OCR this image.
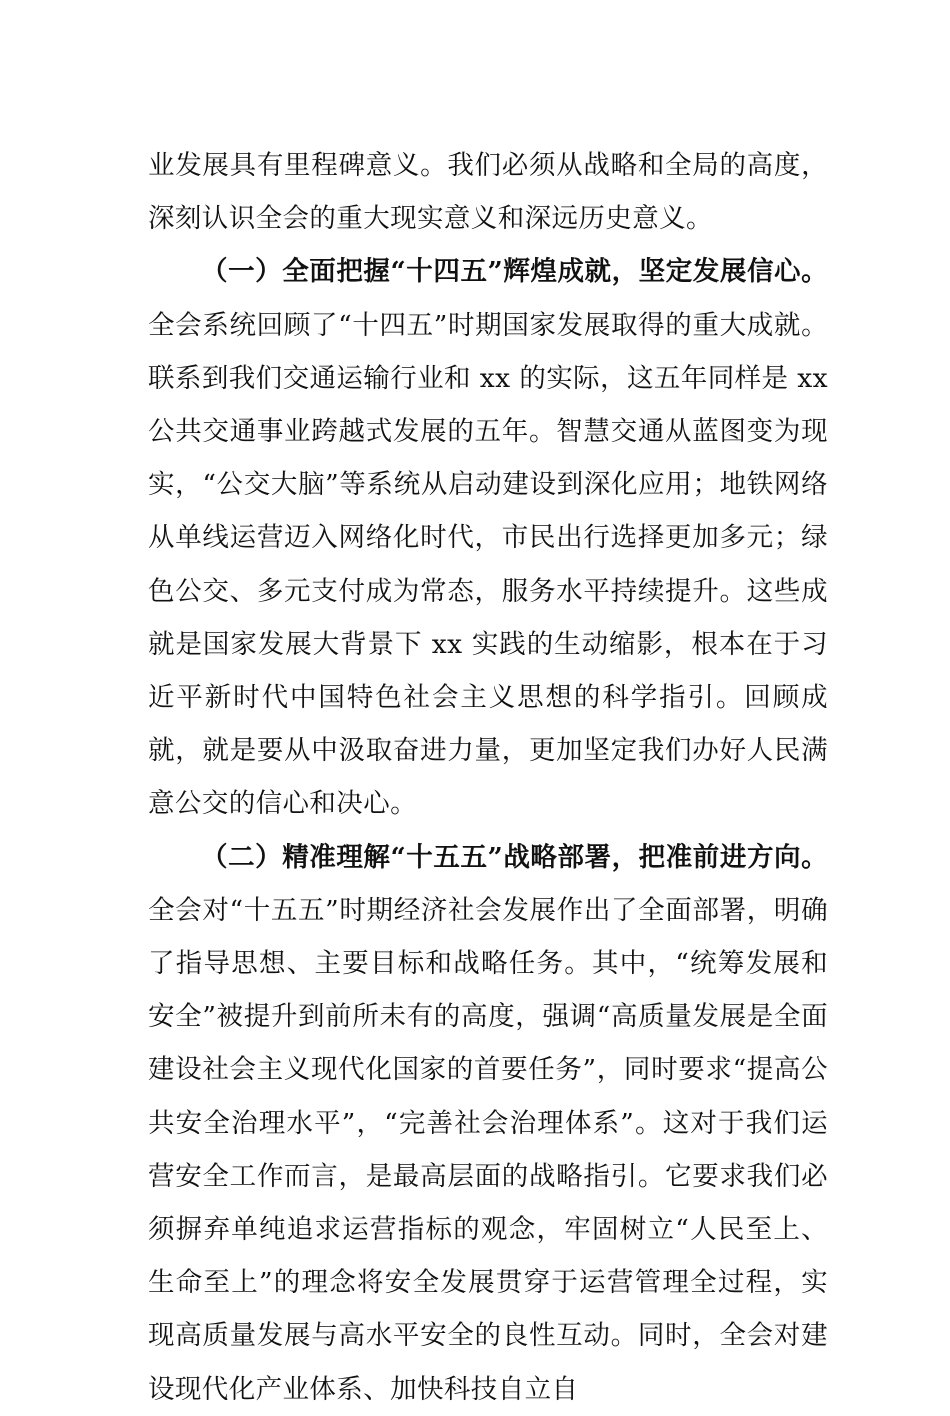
业发展具有里程碑意义。我们必须从战略和全局的高度，深刻认识全会的重大现实意义和深远历史意义。

（一）全面把握“十四五”辉煌成就，坚定发展信心。全会系统回顾了“十四五”时期国家发展取得的重大成就。联系到我们交通运输行业和 xx 的实际，这五年同样是 xx 公共交通事业跨越式发展的五年。智慧交通从蓝图变为现实，“公交大脑”等系统从启动建设到深化应用；地铁网络从单线运营迈入网络化时代，市民出行选择更加多元；绿色公交、多元支付成为常态，服务水平持续提升。这些成就是国家发展大背景下 xx 实践的生动缩影，根本在于习近平新时代中国特色社会主义思想的科学指引。回顾成就，就是要从中汲取奋进力量，更加坚定我们办好人民满意公交的信心和决心。

（二）精准理解“十五五”战略部署，把准前进方向。全会对“十五五”时期经济社会发展作出了全面部署，明确了指导思想、主要目标和战略任务。其中，“统筹发展和安全”被提升到前所未有的高度，强调“高质量发展是全面建设社会主义现代化国家的首要任务”，同时要求“提高公共安全治理水平”，“完善社会治理体系”。这对于我们运营安全工作而言，是最高层面的战略指引。它要求我们必须摒弃单纯追求运营指标的观念，牢固树立“人民至上、生命至上”的理念将安全发展贯穿于运营管理全过程，实现高质量发展与高水平安全的良性互动。同时，全会对建设现代化产业体系、加快科技自立自
